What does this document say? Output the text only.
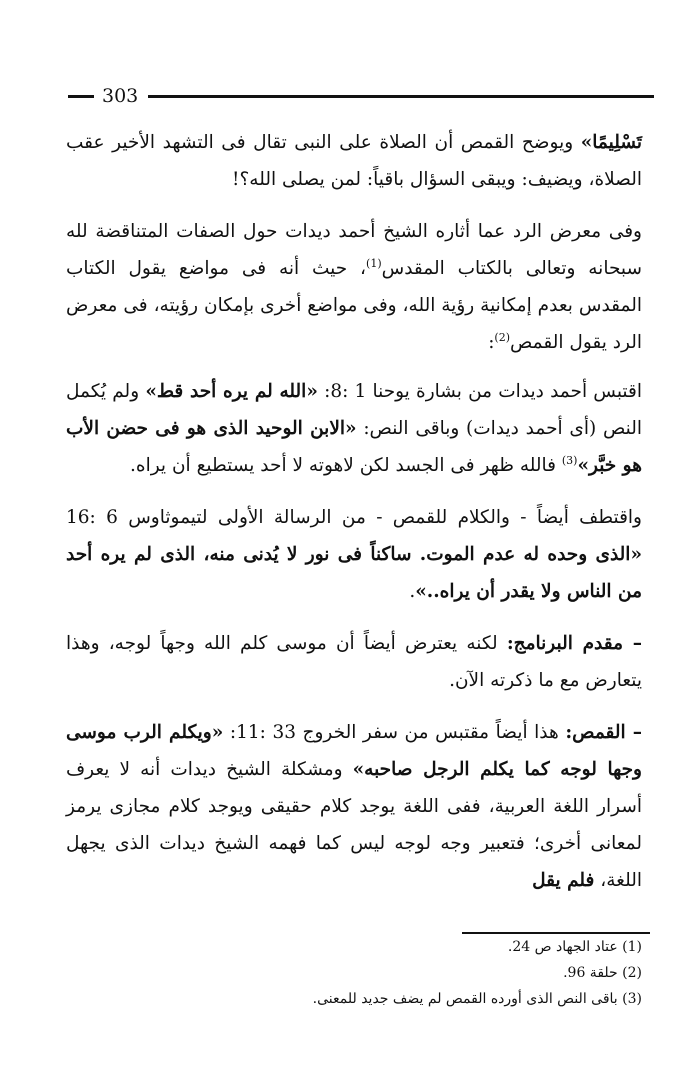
303

تَسْلِيمًا» ويوضح القمص أن الصلاة على النبى تقال فى التشهد الأخير عقب الصلاة، ويضيف: ويبقى السؤال باقياً: لمن يصلى الله؟!

وفى معرض الرد عما أثاره الشيخ أحمد ديدات حول الصفات المتناقضة لله سبحانه وتعالى بالكتاب المقدس$^{(1)}$، حيث أنه فى مواضع يقول الكتاب المقدس بعدم إمكانية رؤية الله، وفى مواضع أخرى بإمكان رؤيته، فى معرض الرد يقول القمص$^{(2)}$:

اقتبس أحمد ديدات من بشارة يوحنا 1 :8: «الله لم يره أحد قط» ولم يُكمل النص (أى أحمد ديدات) وباقى النص: «الابن الوحيد الذى هو فى حضن الأب هو خبَّر»$^{(3)}$ فالله ظهر فى الجسد لكن لاهوته لا أحد يستطيع أن يراه.

واقتطف أيضاً - والكلام للقمص - من الرسالة الأولى لتيموثاوس 6 :16 «الذى وحده له عدم الموت. ساكناً فى نور لا يُدنى منه، الذى لم يره أحد من الناس ولا يقدر أن يراه..».

– مقدم البرنامج: لكنه يعترض أيضاً أن موسى كلم الله وجهاً لوجه، وهذا يتعارض مع ما ذكرته الآن.

– القمص: هذا أيضاً مقتبس من سفر الخروج 33 :11: «ويكلم الرب موسى وجها لوجه كما يكلم الرجل صاحبه» ومشكلة الشيخ ديدات أنه لا يعرف أسرار اللغة العربية، ففى اللغة يوجد كلام حقيقى ويوجد كلام مجازى يرمز لمعانى أخرى؛ فتعبير وجه لوجه ليس كما فهمه الشيخ ديدات الذى يجهل اللغة، فلم يقل

(1) عتاد الجهاد ص 24.

(2) حلقة 96.

(3) باقى النص الذى أورده القمص لم يضف جديد للمعنى.
